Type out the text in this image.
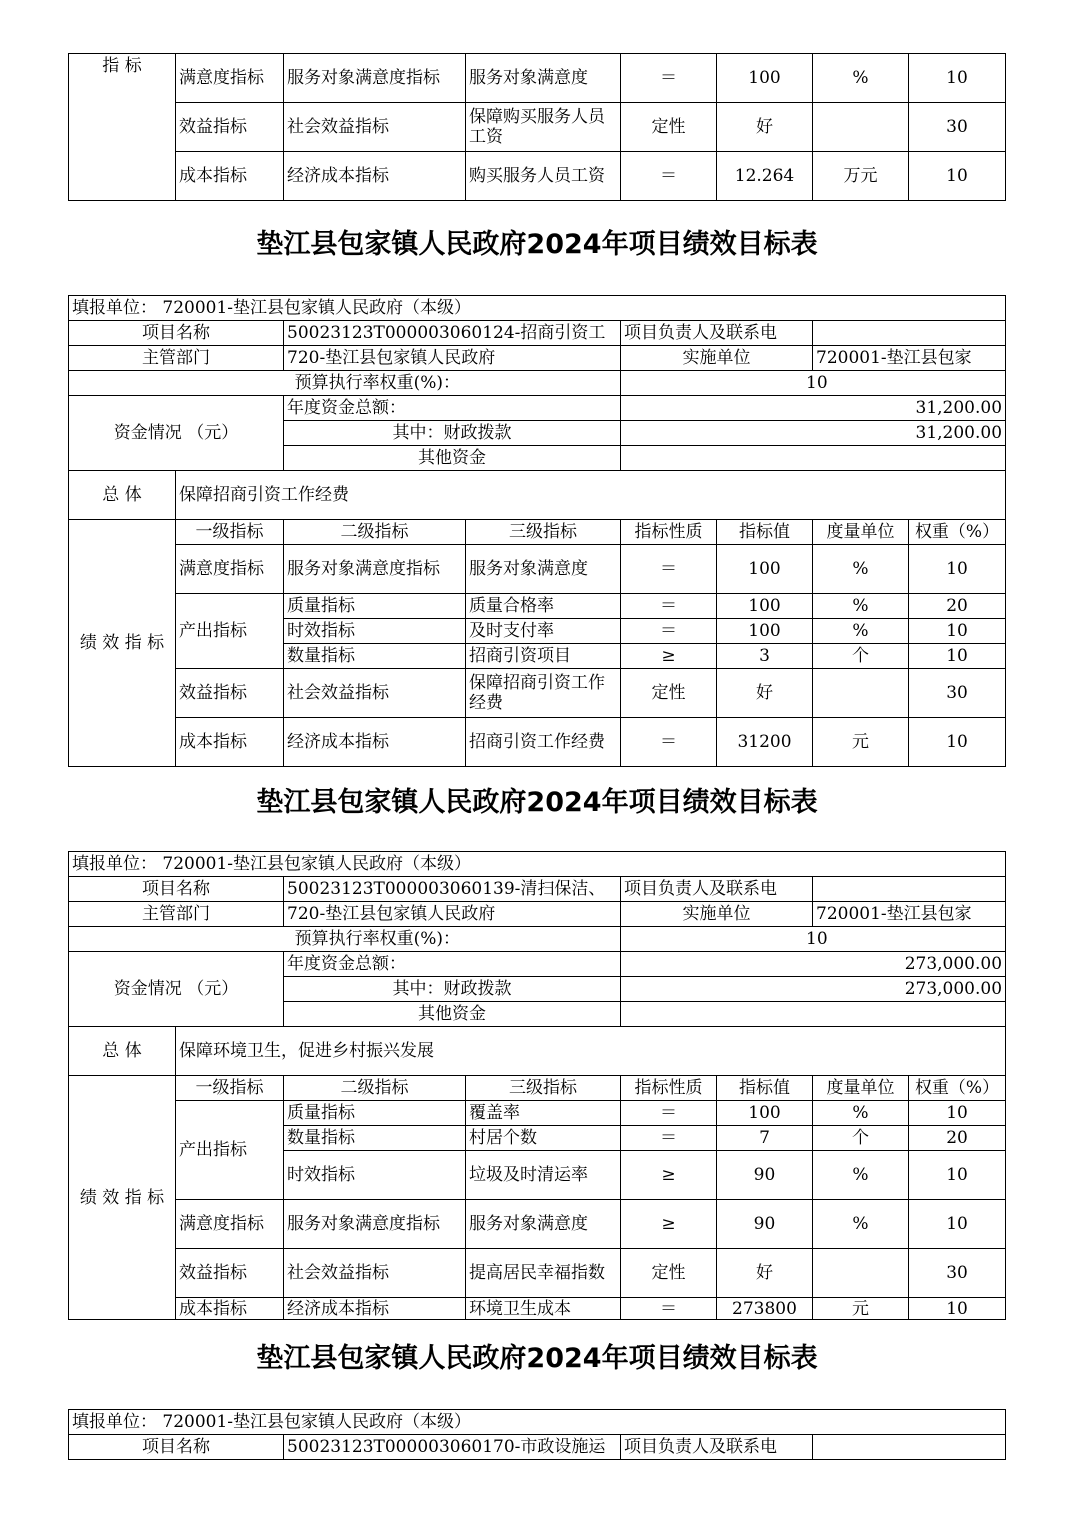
指 标	满意度指标	服务对象满意度指标	服务对象满意度	＝	100	%	10
	效益指标	社会效益指标	保障购买服务人员工资	定性	好		30
	成本指标	经济成本指标	购买服务人员工资	＝	12.264	万元	10
垫江县包家镇人民政府2024年项目绩效目标表
填报单位： 720001-垫江县包家镇人民政府（本级）							
项目名称		50023123T000003060124-招商引资工		项目负责人及联系电			
主管部门		720-垫江县包家镇人民政府		实施单位		720001-垫江县包家	
预算执行率权重(%)：				10			
资金情况 （元）		年度资金总额：		31,200.00			
		其中：财政拨款		31,200.00			
		其他资金					
总 体	保障招商引资工作经费						
绩 效 指 标	一级指标	二级指标	三级指标	指标性质	指标值	度量单位	权重（%）
	满意度指标	服务对象满意度指标	服务对象满意度	＝	100	%	10
	产出指标	质量指标	质量合格率	＝	100	%	20
		时效指标	及时支付率	＝	100	%	10
		数量指标	招商引资项目	≥	3	个	10
	效益指标	社会效益指标	保障招商引资工作经费	定性	好		30
	成本指标	经济成本指标	招商引资工作经费	＝	31200	元	10
垫江县包家镇人民政府2024年项目绩效目标表
填报单位： 720001-垫江县包家镇人民政府（本级）							
项目名称		50023123T000003060139-清扫保洁、		项目负责人及联系电			
主管部门		720-垫江县包家镇人民政府		实施单位		720001-垫江县包家	
预算执行率权重(%)：				10			
资金情况 （元）		年度资金总额：		273,000.00			
		其中：财政拨款		273,000.00			
		其他资金					
总 体	保障环境卫生，促进乡村振兴发展						
绩 效 指 标	一级指标	二级指标	三级指标	指标性质	指标值	度量单位	权重（%）
	产出指标	质量指标	覆盖率	＝	100	%	10
		数量指标	村居个数	＝	7	个	20
		时效指标	垃圾及时清运率	≥	90	%	10
	满意度指标	服务对象满意度指标	服务对象满意度	≥	90	%	10
	效益指标	社会效益指标	提高居民幸福指数	定性	好		30
	成本指标	经济成本指标	环境卫生成本	＝	273800	元	10
垫江县包家镇人民政府2024年项目绩效目标表
填报单位： 720001-垫江县包家镇人民政府（本级）
项目名称	50023123T000003060170-市政设施运	项目负责人及联系电	
